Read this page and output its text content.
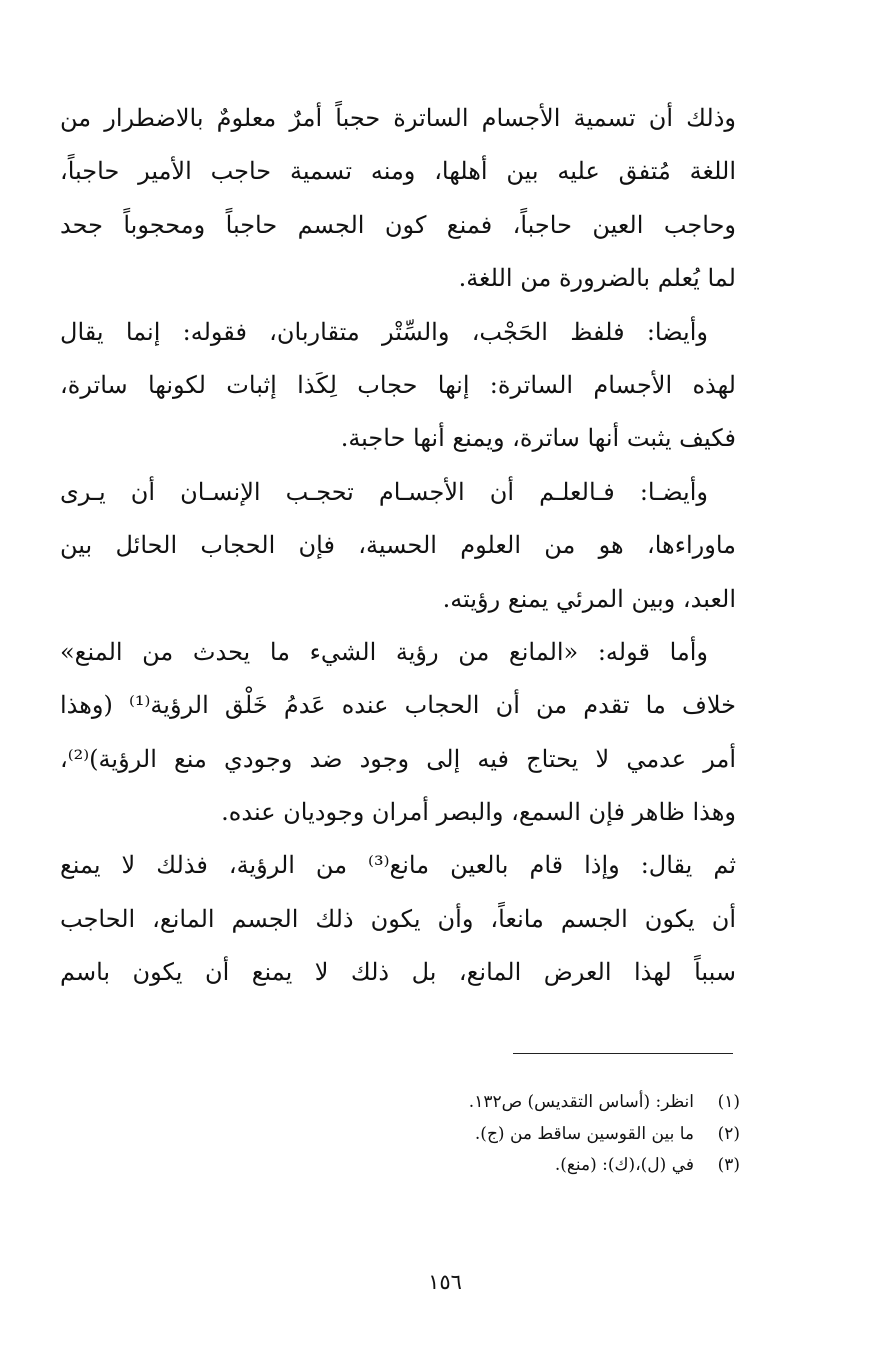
وذلك أن تسمية الأجسام الساترة حجباً أمرٌ معلومٌ بالاضطرار من
اللغة مُتفق عليه بين أهلها، ومنه تسمية حاجب الأمير حاجباً،
وحاجب العين حاجباً، فمنع كون الجسم حاجباً ومحجوباً جحد
لما يُعلم بالضرورة من اللغة.
وأيضا: فلفظ الحَجْب، والسِّتْر متقاربان، فقوله: إنما يقال
لهذه الأجسام الساترة: إنها حجاب لِكَذا إثبات لكونها ساترة،
فكيف يثبت أنها ساترة، ويمنع أنها حاجبة.
وأيضـا: فـالعلـم أن الأجسـام تحجـب الإنسـان أن يـرى
ماوراءها، هو من العلوم الحسية، فإن الحجاب الحائل بين
العبد، وبين المرئي يمنع رؤيته.
وأما قوله: «المانع من رؤية الشيء ما يحدث من المنع»
خلاف ما تقدم من أن الحجاب عنده عَدمُ خَلْق الرؤية⁽¹⁾ (وهذا
أمر عدمي لا يحتاج فيه إلى وجود ضد وجودي منع الرؤية)⁽²⁾،
وهذا ظاهر فإن السمع، والبصر أمران وجوديان عنده.
ثم يقال: وإذا قام بالعين مانع⁽³⁾ من الرؤية، فذلك لا يمنع
أن يكون الجسم مانعاً، وأن يكون ذلك الجسم المانع، الحاجب
سبباً لهذا العرض المانع، بل ذلك لا يمنع أن يكون باسم
(١)
انظر: (أساس التقديس) ص١٣٢.
(٢)
ما بين القوسين ساقط من (ج).
(٣)
في (ل)،(ك): (منع).
١٥٦
